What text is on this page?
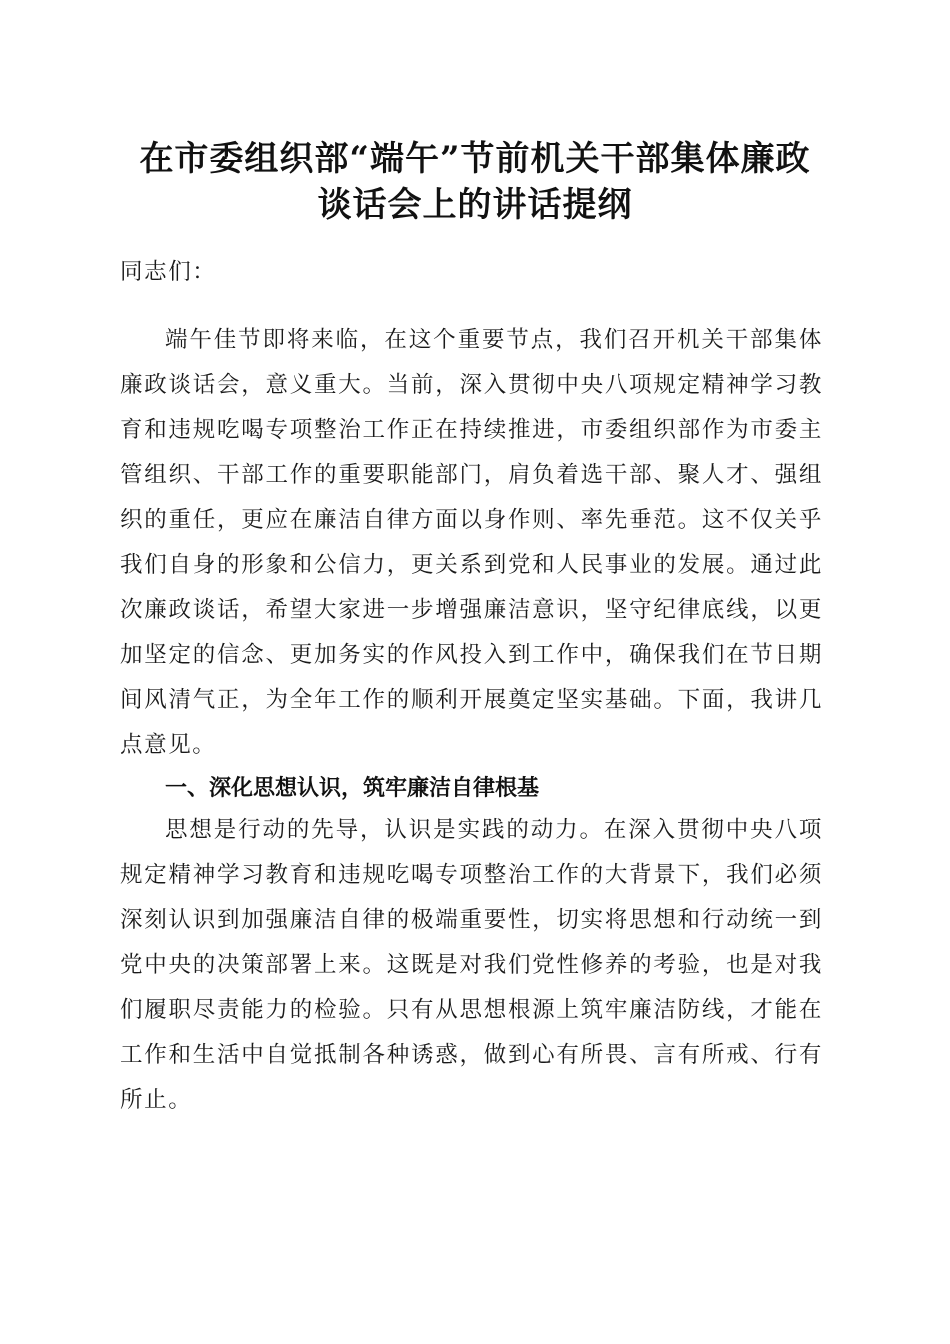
在市委组织部“端午”节前机关干部集体廉政
谈话会上的讲话提纲

同志们：

端午佳节即将来临，在这个重要节点，我们召开机关干部集体廉政谈话会，意义重大。当前，深入贯彻中央八项规定精神学习教育和违规吃喝专项整治工作正在持续推进，市委组织部作为市委主管组织、干部工作的重要职能部门，肩负着选干部、聚人才、强组织的重任，更应在廉洁自律方面以身作则、率先垂范。这不仅关乎我们自身的形象和公信力，更关系到党和人民事业的发展。通过此次廉政谈话，希望大家进一步增强廉洁意识，坚守纪律底线，以更加坚定的信念、更加务实的作风投入到工作中，确保我们在节日期间风清气正，为全年工作的顺利开展奠定坚实基础。下面，我讲几点意见。

一、深化思想认识，筑牢廉洁自律根基

思想是行动的先导，认识是实践的动力。在深入贯彻中央八项规定精神学习教育和违规吃喝专项整治工作的大背景下，我们必须深刻认识到加强廉洁自律的极端重要性，切实将思想和行动统一到党中央的决策部署上来。这既是对我们党性修养的考验，也是对我们履职尽责能力的检验。只有从思想根源上筑牢廉洁防线，才能在工作和生活中自觉抵制各种诱惑，做到心有所畏、言有所戒、行有所止。
